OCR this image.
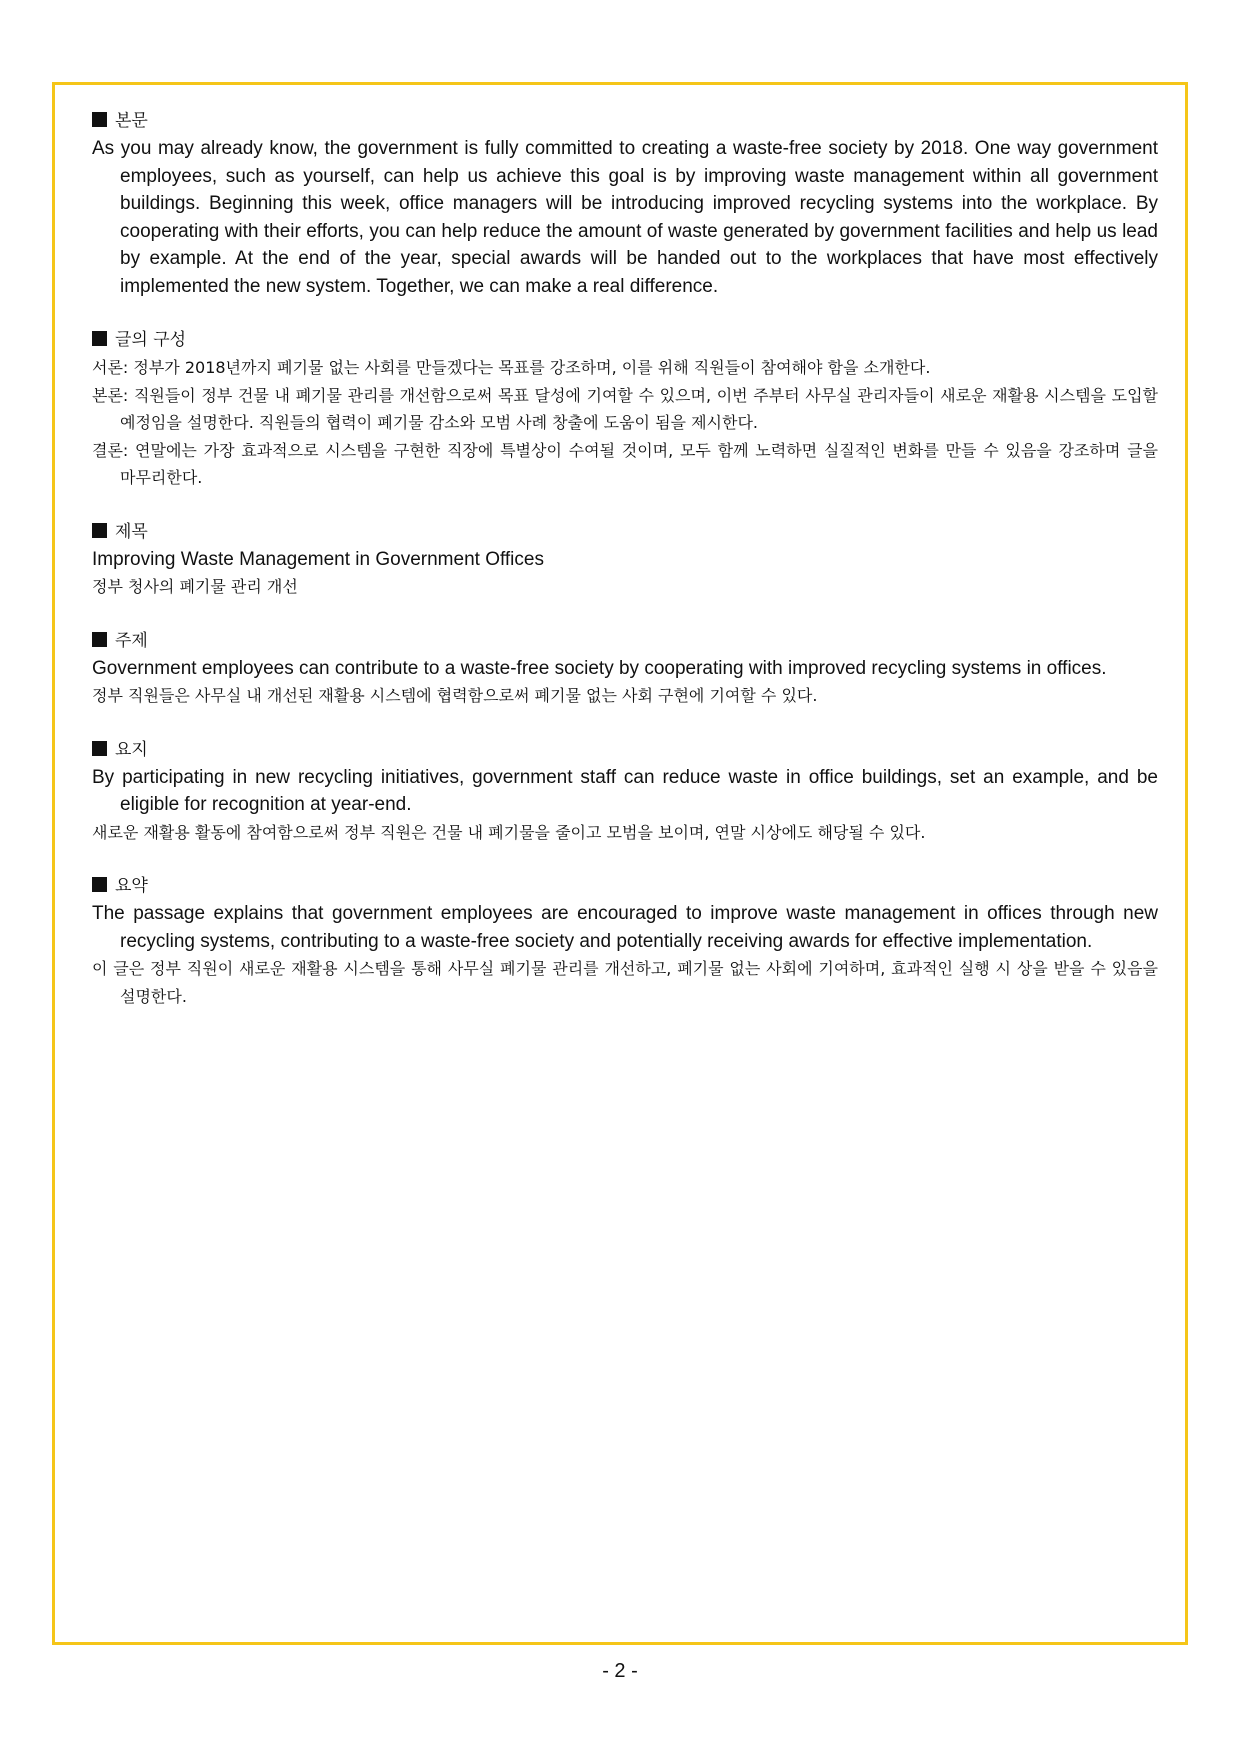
본문

As you may already know, the government is fully committed to creating a waste-free society by 2018. One way government employees, such as yourself, can help us achieve this goal is by improving waste management within all government buildings. Beginning this week, office managers will be introducing improved recycling systems into the workplace. By cooperating with their efforts, you can help reduce the amount of waste generated by government facilities and help us lead by example. At the end of the year, special awards will be handed out to the workplaces that have most effectively implemented the new system. Together, we can make a real difference.

글의 구성

서론: 정부가 2018년까지 폐기물 없는 사회를 만들겠다는 목표를 강조하며, 이를 위해 직원들이 참여해야 함을 소개한다.

본론: 직원들이 정부 건물 내 폐기물 관리를 개선함으로써 목표 달성에 기여할 수 있으며, 이번 주부터 사무실 관리자들이 새로운 재활용 시스템을 도입할 예정임을 설명한다. 직원들의 협력이 폐기물 감소와 모범 사례 창출에 도움이 됨을 제시한다.

결론: 연말에는 가장 효과적으로 시스템을 구현한 직장에 특별상이 수여될 것이며, 모두 함께 노력하면 실질적인 변화를 만들 수 있음을 강조하며 글을 마무리한다.

제목

Improving Waste Management in Government Offices

정부 청사의 폐기물 관리 개선

주제

Government employees can contribute to a waste-free society by cooperating with improved recycling systems in offices.

정부 직원들은 사무실 내 개선된 재활용 시스템에 협력함으로써 폐기물 없는 사회 구현에 기여할 수 있다.

요지

By participating in new recycling initiatives, government staff can reduce waste in office buildings, set an example, and be eligible for recognition at year-end.

새로운 재활용 활동에 참여함으로써 정부 직원은 건물 내 폐기물을 줄이고 모범을 보이며, 연말 시상에도 해당될 수 있다.

요약

The passage explains that government employees are encouraged to improve waste management in offices through new recycling systems, contributing to a waste-free society and potentially receiving awards for effective implementation.

이 글은 정부 직원이 새로운 재활용 시스템을 통해 사무실 폐기물 관리를 개선하고, 폐기물 없는 사회에 기여하며, 효과적인 실행 시 상을 받을 수 있음을 설명한다.

- 2 -
